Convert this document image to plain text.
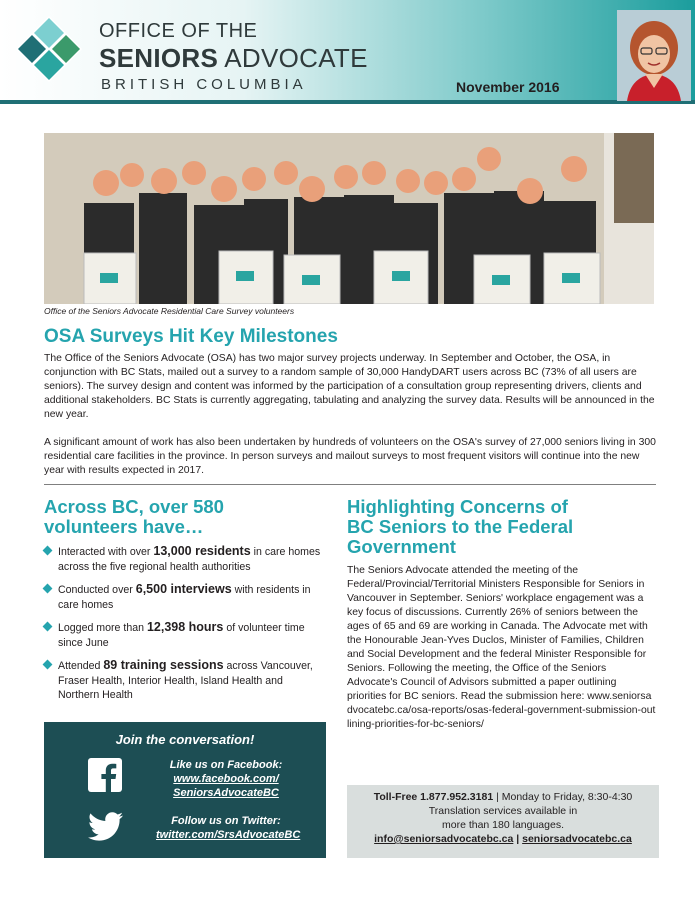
OFFICE OF THE
SENIORS ADVOCATE
BRITISH COLUMBIA	November 2016
Office of the Seniors Advocate Residential Care Survey volunteers
OSA Surveys Hit Key Milestones

The Office of the Seniors Advocate (OSA) has two major survey projects underway. In September and October, the OSA, in conjunction with BC Stats, mailed out a survey to a random sample of 30,000 HandyDART users across BC (73% of all users are seniors). The survey design and content was informed by the participation of a consultation group representing drivers, clients and additional stakeholders. BC Stats is currently aggregating, tabulating and analyzing the survey data. Results will be announced in the new year.

A significant amount of work has also been undertaken by hundreds of volunteers on the OSA's survey of 27,000 seniors living in 300 residential care facilities in the province. In person surveys and mailout surveys to most frequent visitors will continue into the new year with results expected in 2017.

Across BC, over 580 volunteers have…
Interacted with over 13,000 residents in care homes across the five regional health authorities
Conducted over 6,500 interviews with residents in care homes
Logged more than 12,398 hours of volunteer time since June
Attended 89 training sessions across Vancouver, Fraser Health, Interior Health, Island Health and Northern Health
Join the conversation!
Like us on Facebook:
www.facebook.com/
SeniorsAdvocateBC
Follow us on Twitter:
twitter.com/SrsAdvocateBC
Highlighting Concerns of BC Seniors to the Federal Government

The Seniors Advocate attended the meeting of the Federal/Provincial/Territorial Ministers Responsible for Seniors in Vancouver in September. Seniors' workplace engagement was a key focus of discussions. Currently 26% of seniors between the ages of 65 and 69 are working in Canada. The Advocate met with the Honourable Jean-Yves Duclos, Minister of Families, Children and Social Development and the federal Minister Responsible for Seniors. Following the meeting, the Office of the Seniors Advocate's Council of Advisors submitted a paper outlining priorities for BC seniors. Read the submission here: www.seniorsadvocatebc.ca/osa-reports/osas-federal-government-submission-outlining-priorities-for-bc-seniors/

Toll-Free 1.877.952.3181 | Monday to Friday, 8:30-4:30
Translation services available in
more than 180 languages.
info@seniorsadvocatebc.ca | seniorsadvocatebc.ca
